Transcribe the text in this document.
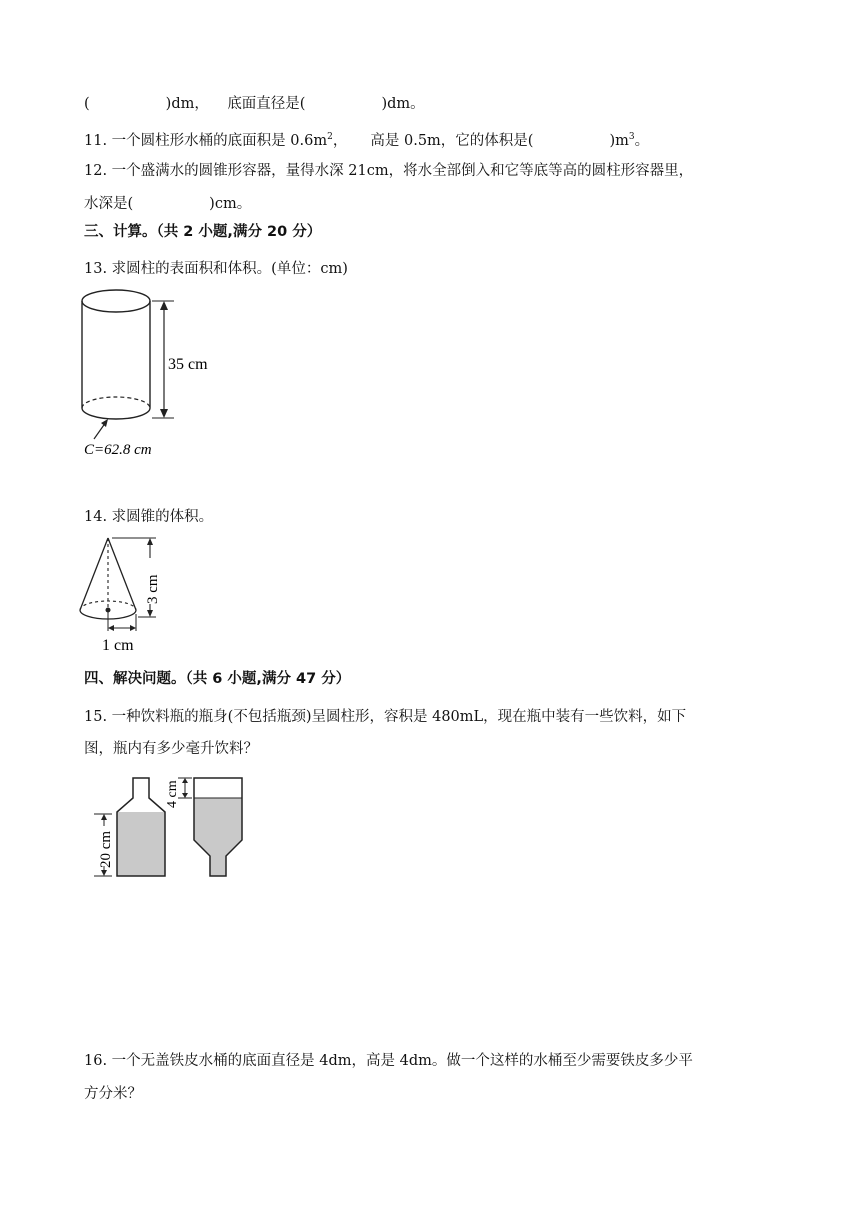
(	)dm， 底面直径是(	)dm。
11. 一个圆柱形水桶的底面积是 $0.6m^2$， 高是 0.5m，它的体积是(	)$m^3$。
12. 一个盛满水的圆锥形容器，量得水深 21cm，将水全部倒入和它等底等高的圆柱形容器里，
水深是(	)cm。
三、计算。（共 2 小题,满分 20 分）
13. 求圆柱的表面积和体积。(单位：cm)
35 cm
C=62.8 cm
14. 求圆锥的体积。
3 cm
1 cm
四、解决问题。（共 6 小题,满分 47 分）
15. 一种饮料瓶的瓶身(不包括瓶颈)呈圆柱形，容积是 480mL，现在瓶中装有一些饮料，如下
图，瓶内有多少毫升饮料？
20 cm
4 cm
16. 一个无盖铁皮水桶的底面直径是 4dm，高是 4dm。做一个这样的水桶至少需要铁皮多少平
方分米？
